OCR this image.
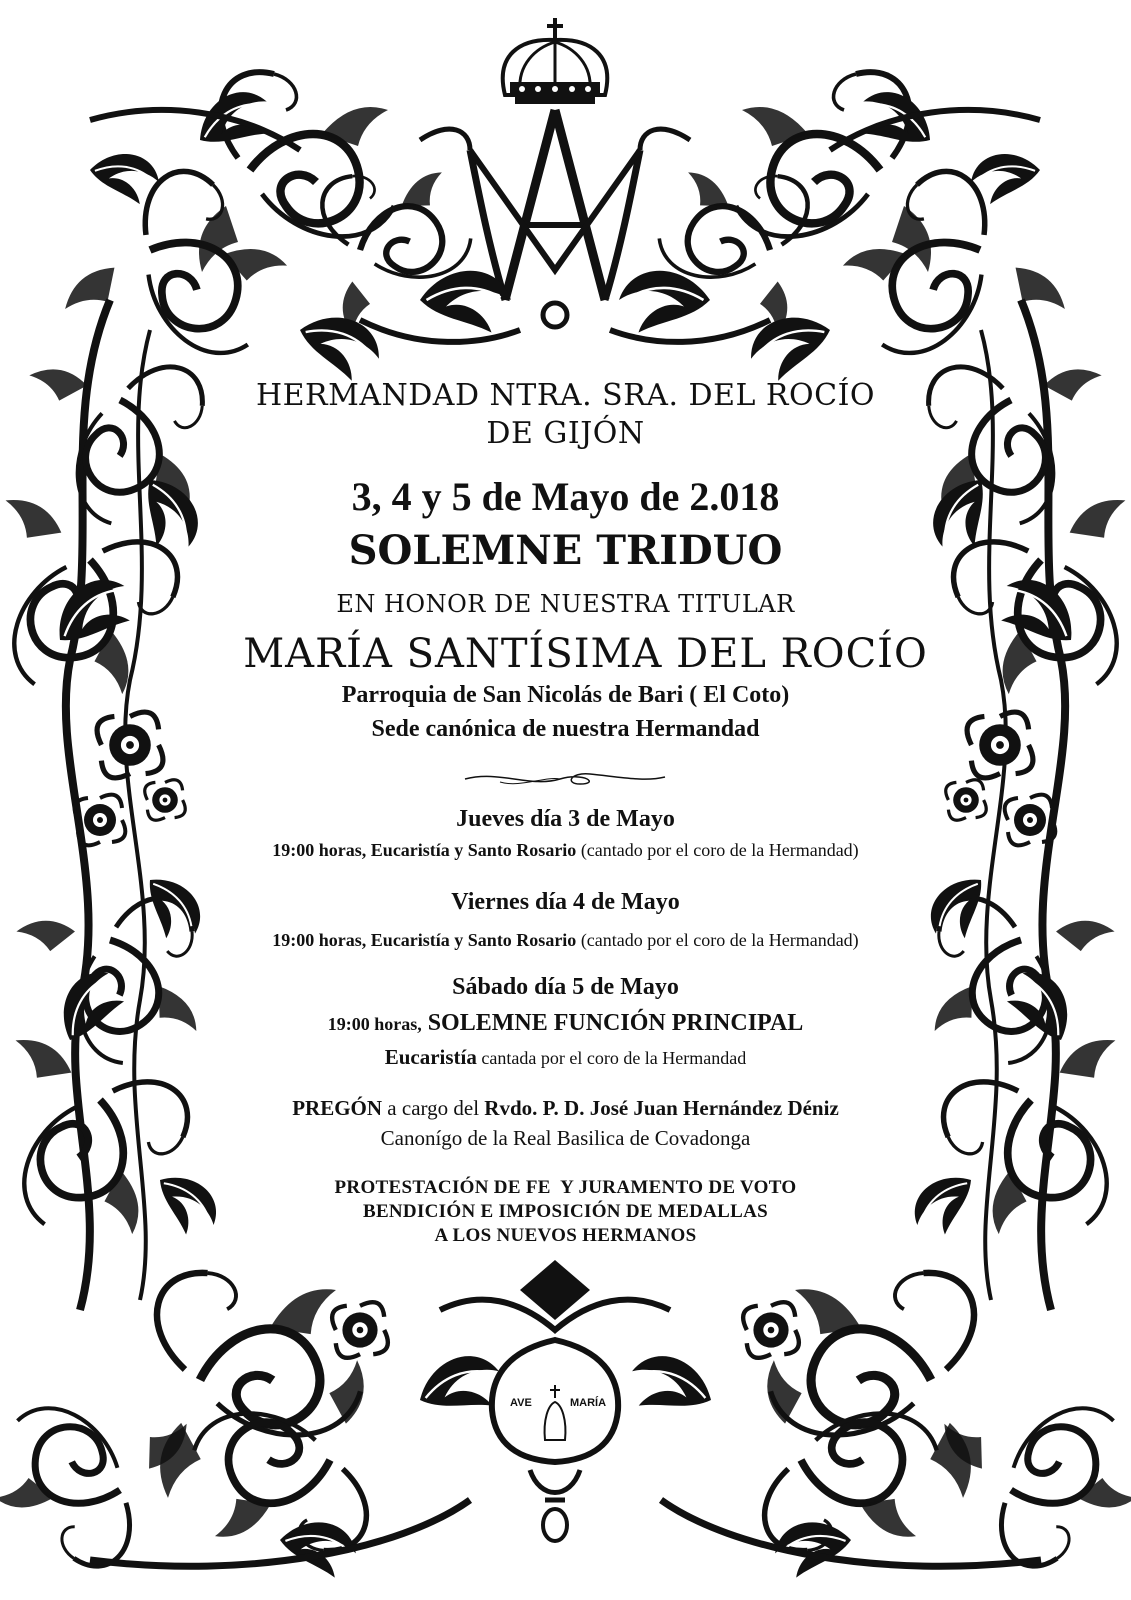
HERMANDAD NTRA. SRA. DEL ROCÍO
DE GIJÓN
3, 4 y 5 de Mayo de 2.018
SOLEMNE TRIDUO
EN HONOR DE NUESTRA TITULAR
MARÍA SANTÍSIMA DEL ROCÍO
Parroquia de San Nicolás de Bari ( El Coto)
Sede canónica de nuestra Hermandad
Jueves día 3 de Mayo
19:00 horas, Eucaristía y Santo Rosario (cantado por el coro de la Hermandad)
Viernes día 4 de Mayo
19:00 horas, Eucaristía y Santo Rosario (cantado por el coro de la Hermandad)
Sábado día 5 de Mayo
19:00 horas, SOLEMNE FUNCIÓN PRINCIPAL
Eucaristía cantada por el coro de la Hermandad
PREGÓN a cargo del Rvdo. P. D. José Juan Hernández Déniz
Canonígo de la Real Basilica de Covadonga
PROTESTACIÓN DE FE  Y JURAMENTO DE VOTO
BENDICIÓN E IMPOSICIÓN DE MEDALLAS
A LOS NUEVOS HERMANOS
AVE	MARÍA
